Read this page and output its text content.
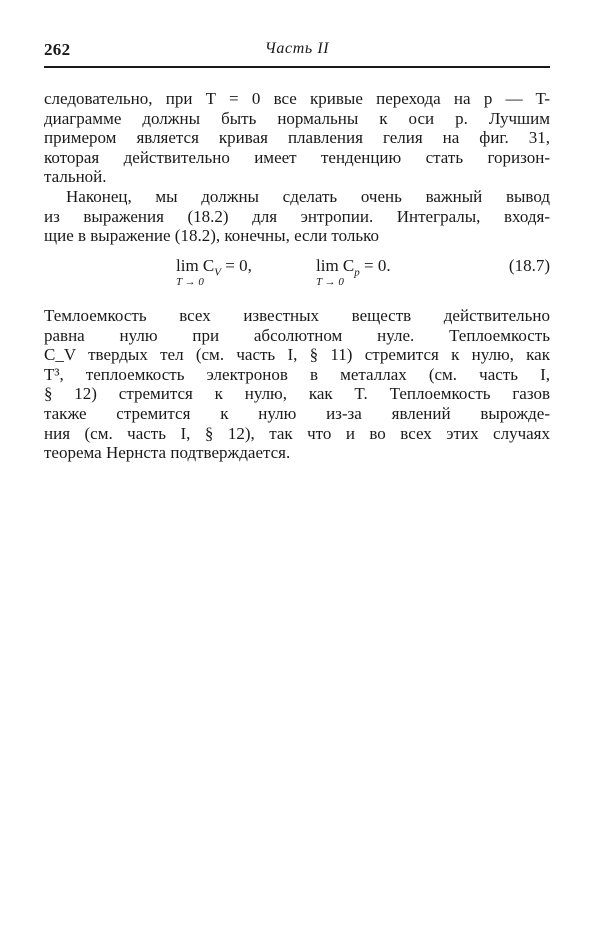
262	Часть II

следовательно, при T = 0 все кривые перехода на p — T-
диаграмме должны быть нормальны к оси p. Лучшим
примером является кривая плавления гелия на фиг. 31,
которая действительно имеет тенденцию стать горизон-
тальной.

Наконец, мы должны сделать очень важный вывод
из выражения (18.2) для энтропии. Интегралы, входя-
щие в выражение (18.2), конечны, если только

$\lim C_V = 0$,
T → 0
$\lim C_p = 0$.
T → 0
(18.7)

Темлоемкость всех известных веществ действительно
равна нулю при абсолютном нуле. Теплоемкость
C_V твердых тел (см. часть I, § 11) стремится к нулю, как
T³, теплоемкость электронов в металлах (см. часть I,
§ 12) стремится к нулю, как T. Теплоемкость газов
также стремится к нулю из-за явлений вырожде-
ния (см. часть I, § 12), так что и во всех этих случаях
теорема Нернста подтверждается.
